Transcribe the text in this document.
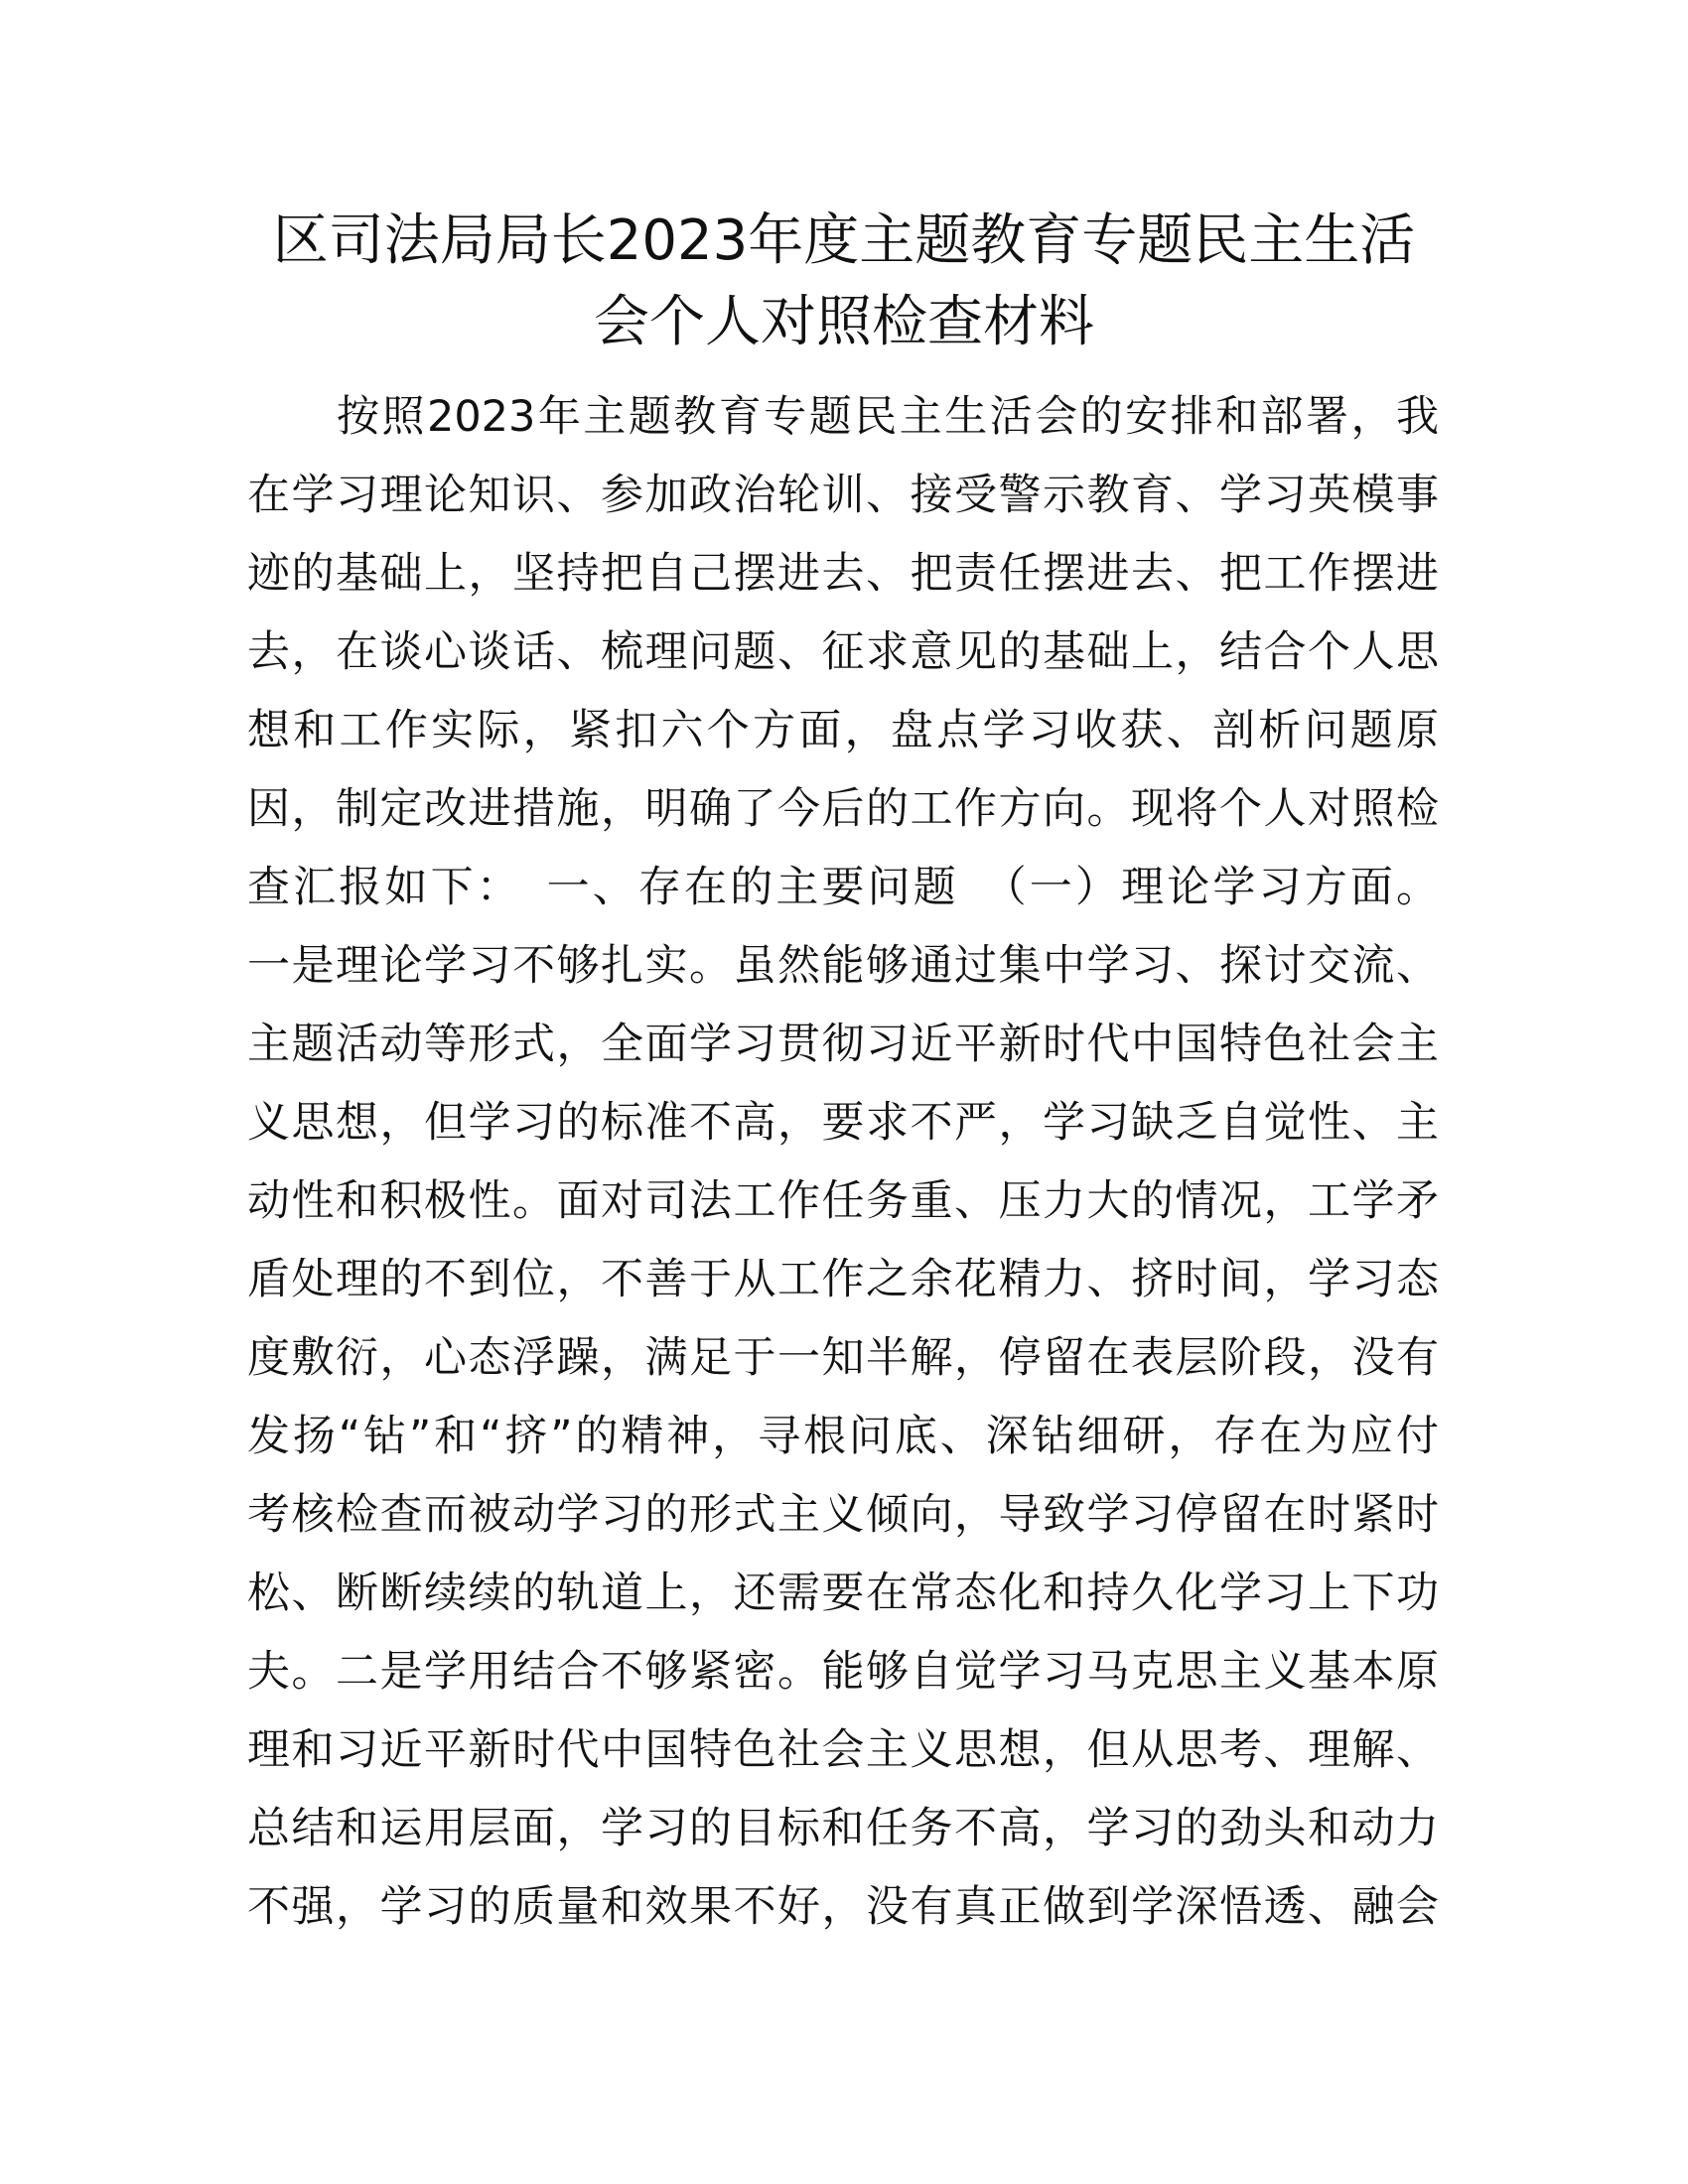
区司法局局长2023年度主题教育专题民主生活
会个人对照检查材料
按照2023年主题教育专题民主生活会的安排和部署，我
在学习理论知识、参加政治轮训、接受警示教育、学习英模事
迹的基础上，坚持把自己摆进去、把责任摆进去、把工作摆进
去，在谈心谈话、梳理问题、征求意见的基础上，结合个人思
想和工作实际，紧扣六个方面，盘点学习收获、剖析问题原
因，制定改进措施，明确了今后的工作方向。现将个人对照检
查汇报如下：　一、存在的主要问题　（一）理论学习方面。
一是理论学习不够扎实。虽然能够通过集中学习、探讨交流、
主题活动等形式，全面学习贯彻习近平新时代中国特色社会主
义思想，但学习的标准不高，要求不严，学习缺乏自觉性、主
动性和积极性。面对司法工作任务重、压力大的情况，工学矛
盾处理的不到位，不善于从工作之余花精力、挤时间，学习态
度敷衍，心态浮躁，满足于一知半解，停留在表层阶段，没有
发扬“钻”和“挤”的精神，寻根问底、深钻细研，存在为应付
考核检查而被动学习的形式主义倾向，导致学习停留在时紧时
松、断断续续的轨道上，还需要在常态化和持久化学习上下功
夫。二是学用结合不够紧密。能够自觉学习马克思主义基本原
理和习近平新时代中国特色社会主义思想，但从思考、理解、
总结和运用层面，学习的目标和任务不高，学习的劲头和动力
不强，学习的质量和效果不好，没有真正做到学深悟透、融会
